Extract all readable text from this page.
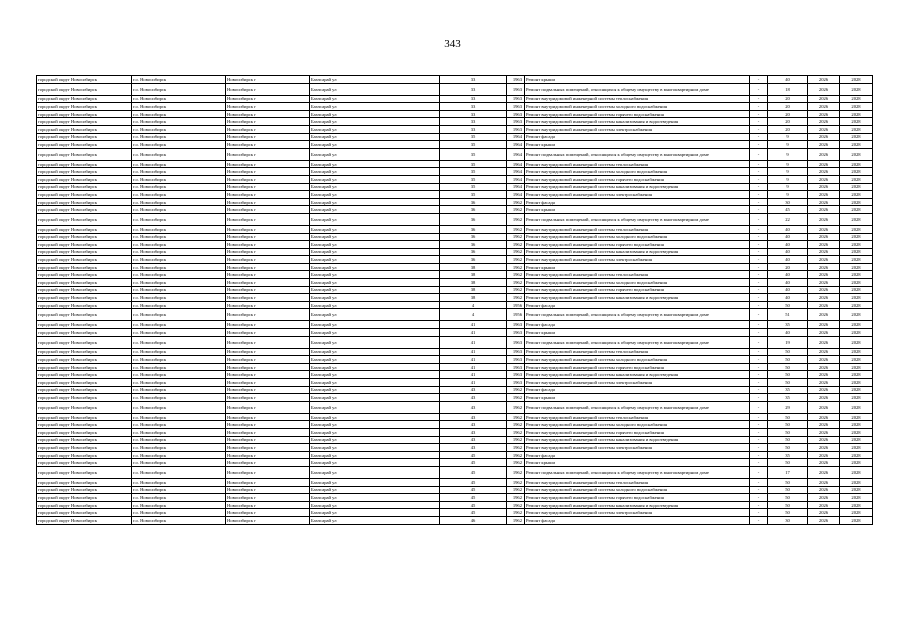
343
городской округ Новосибирск	г.о. Новосибирск	Новосибирск г	Бахчсарай ул	33	1963	Ремонт крыши	-	40	2026	2028
городской округ Новосибирск	г.о. Новосибирск	Новосибирск г	Бахчсарай ул	33	1963	Ремонт подвальных помещений, относящихся к общему имуществу в многоквартирном доме	-	18	2026	2028
городской округ Новосибирск	г.о. Новосибирск	Новосибирск г	Бахчсарай ул	33	1963	Ремонт внутридомовой инженерной системы теплоснабжения	-	20	2026	2028
городской округ Новосибирск	г.о. Новосибирск	Новосибирск г	Бахчсарай ул	33	1963	Ремонт внутридомовой инженерной системы холодного водоснабжения	-	20	2026	2028
городской округ Новосибирск	г.о. Новосибирск	Новосибирск г	Бахчсарай ул	33	1963	Ремонт внутридомовой инженерной системы горячего водоснабжения	-	20	2026	2028
городской округ Новосибирск	г.о. Новосибирск	Новосибирск г	Бахчсарай ул	33	1963	Ремонт внутридомовой инженерной системы канализования и водоотведения	-	20	2026	2028
городской округ Новосибирск	г.о. Новосибирск	Новосибирск г	Бахчсарай ул	33	1963	Ремонт внутридомовой инженерной системы электроснабжения	-	20	2026	2028
городской округ Новосибирск	г.о. Новосибирск	Новосибирск г	Бахчсарай ул	35	1964	Ремонт фасада	-	9	2026	2028
городской округ Новосибирск	г.о. Новосибирск	Новосибирск г	Бахчсарай ул	35	1964	Ремонт крыши	-	9	2026	2028
городской округ Новосибирск	г.о. Новосибирск	Новосибирск г	Бахчсарай ул	35	1964	Ремонт подвальных помещений, относящихся к общему имуществу в многоквартирном доме	-	9	2026	2028
городской округ Новосибирск	г.о. Новосибирск	Новосибирск г	Бахчсарай ул	35	1964	Ремонт внутридомовой инженерной системы теплоснабжения	-	9	2026	2028
городской округ Новосибирск	г.о. Новосибирск	Новосибирск г	Бахчсарай ул	35	1964	Ремонт внутридомовой инженерной системы холодного водоснабжения	-	9	2026	2028
городской округ Новосибирск	г.о. Новосибирск	Новосибирск г	Бахчсарай ул	35	1964	Ремонт внутридомовой инженерной системы горячего водоснабжения	-	9	2026	2028
городской округ Новосибирск	г.о. Новосибирск	Новосибирск г	Бахчсарай ул	35	1964	Ремонт внутридомовой инженерной системы канализования и водоотведения	-	9	2026	2028
городской округ Новосибирск	г.о. Новосибирск	Новосибирск г	Бахчсарай ул	35	1964	Ремонт внутридомовой инженерной системы электроснабжения	-	9	2026	2028
городской округ Новосибирск	г.о. Новосибирск	Новосибирск г	Бахчсарай ул	36	1962	Ремонт фасада	-	30	2026	2028
городской округ Новосибирск	г.о. Новосибирск	Новосибирск г	Бахчсарай ул	36	1962	Ремонт крыши	-	45	2026	2028
городской округ Новосибирск	г.о. Новосибирск	Новосибирск г	Бахчсарай ул	36	1962	Ремонт подвальных помещений, относящихся к общему имуществу в многоквартирном доме	-	22	2026	2028
городской округ Новосибирск	г.о. Новосибирск	Новосибирск г	Бахчсарай ул	36	1962	Ремонт внутридомовой инженерной системы теплоснабжения	-	40	2026	2028
городской округ Новосибирск	г.о. Новосибирск	Новосибирск г	Бахчсарай ул	36	1962	Ремонт внутридомовой инженерной системы холодного водоснабжения	-	40	2026	2028
городской округ Новосибирск	г.о. Новосибирск	Новосибирск г	Бахчсарай ул	36	1962	Ремонт внутридомовой инженерной системы горячего водоснабжения	-	40	2026	2028
городской округ Новосибирск	г.о. Новосибирск	Новосибирск г	Бахчсарай ул	36	1962	Ремонт внутридомовой инженерной системы канализования и водоотведения	-	40	2026	2028
городской округ Новосибирск	г.о. Новосибирск	Новосибирск г	Бахчсарай ул	36	1962	Ремонт внутридомовой инженерной системы электроснабжения	-	40	2026	2028
городской округ Новосибирск	г.о. Новосибирск	Новосибирск г	Бахчсарай ул	38	1962	Ремонт крыши	-	20	2026	2028
городской округ Новосибирск	г.о. Новосибирск	Новосибирск г	Бахчсарай ул	38	1962	Ремонт внутридомовой инженерной системы теплоснабжения	-	40	2026	2028
городской округ Новосибирск	г.о. Новосибирск	Новосибирск г	Бахчсарай ул	38	1962	Ремонт внутридомовой инженерной системы холодного водоснабжения	-	40	2026	2028
городской округ Новосибирск	г.о. Новосибирск	Новосибирск г	Бахчсарай ул	38	1962	Ремонт внутридомовой инженерной системы горячего водоснабжения	-	40	2026	2028
городской округ Новосибирск	г.о. Новосибирск	Новосибирск г	Бахчсарай ул	38	1962	Ремонт внутридомовой инженерной системы канализования и водоотведения	-	40	2026	2028
городской округ Новосибирск	г.о. Новосибирск	Новосибирск г	Бахчсарай ул	4	1956	Ремонт фасада	-	50	2026	2028
городской округ Новосибирск	г.о. Новосибирск	Новосибирск г	Бахчсарай ул	4	1956	Ремонт подвальных помещений, относящихся к общему имуществу в многоквартирном доме	-	51	2026	2028
городской округ Новосибирск	г.о. Новосибирск	Новосибирск г	Бахчсарай ул	41	1963	Ремонт фасада	-	35	2026	2028
городской округ Новосибирск	г.о. Новосибирск	Новосибирск г	Бахчсарай ул	41	1963	Ремонт крыши	-	40	2026	2028
городской округ Новосибирск	г.о. Новосибирск	Новосибирск г	Бахчсарай ул	41	1963	Ремонт подвальных помещений, относящихся к общему имуществу в многоквартирном доме	-	19	2026	2028
городской округ Новосибирск	г.о. Новосибирск	Новосибирск г	Бахчсарай ул	41	1963	Ремонт внутридомовой инженерной системы теплоснабжения	-	50	2026	2028
городской округ Новосибирск	г.о. Новосибирск	Новосибирск г	Бахчсарай ул	41	1963	Ремонт внутридомовой инженерной системы холодного водоснабжения	-	50	2026	2028
городской округ Новосибирск	г.о. Новосибирск	Новосибирск г	Бахчсарай ул	41	1963	Ремонт внутридомовой инженерной системы горячего водоснабжения	-	50	2026	2028
городской округ Новосибирск	г.о. Новосибирск	Новосибирск г	Бахчсарай ул	41	1963	Ремонт внутридомовой инженерной системы канализования и водоотведения	-	50	2026	2028
городской округ Новосибирск	г.о. Новосибирск	Новосибирск г	Бахчсарай ул	41	1963	Ремонт внутридомовой инженерной системы электроснабжения	-	50	2026	2028
городской округ Новосибирск	г.о. Новосибирск	Новосибирск г	Бахчсарай ул	43	1962	Ремонт фасада	-	35	2026	2028
городской округ Новосибирск	г.о. Новосибирск	Новосибирск г	Бахчсарай ул	43	1962	Ремонт крыши	-	35	2026	2028
городской округ Новосибирск	г.о. Новосибирск	Новосибирск г	Бахчсарай ул	43	1962	Ремонт подвальных помещений, относящихся к общему имуществу в многоквартирном доме	-	29	2026	2028
городской округ Новосибирск	г.о. Новосибирск	Новосибирск г	Бахчсарай ул	43	1962	Ремонт внутридомовой инженерной системы теплоснабжения	-	50	2026	2028
городской округ Новосибирск	г.о. Новосибирск	Новосибирск г	Бахчсарай ул	43	1962	Ремонт внутридомовой инженерной системы холодного водоснабжения	-	50	2026	2028
городской округ Новосибирск	г.о. Новосибирск	Новосибирск г	Бахчсарай ул	43	1962	Ремонт внутридомовой инженерной системы горячего водоснабжения	-	50	2026	2028
городской округ Новосибирск	г.о. Новосибирск	Новосибирск г	Бахчсарай ул	43	1962	Ремонт внутридомовой инженерной системы канализования и водоотведения	-	50	2026	2028
городской округ Новосибирск	г.о. Новосибирск	Новосибирск г	Бахчсарай ул	43	1962	Ремонт внутридомовой инженерной системы электроснабжения	-	50	2026	2028
городской округ Новосибирск	г.о. Новосибирск	Новосибирск г	Бахчсарай ул	45	1962	Ремонт фасада	-	35	2026	2028
городской округ Новосибирск	г.о. Новосибирск	Новосибирск г	Бахчсарай ул	45	1962	Ремонт крыши	-	50	2026	2028
городской округ Новосибирск	г.о. Новосибирск	Новосибирск г	Бахчсарай ул	45	1962	Ремонт подвальных помещений, относящихся к общему имуществу в многоквартирном доме	-	17	2026	2028
городской округ Новосибирск	г.о. Новосибирск	Новосибирск г	Бахчсарай ул	45	1962	Ремонт внутридомовой инженерной системы теплоснабжения	-	50	2026	2028
городской округ Новосибирск	г.о. Новосибирск	Новосибирск г	Бахчсарай ул	45	1962	Ремонт внутридомовой инженерной системы холодного водоснабжения	-	50	2026	2028
городской округ Новосибирск	г.о. Новосибирск	Новосибирск г	Бахчсарай ул	45	1962	Ремонт внутридомовой инженерной системы горячего водоснабжения	-	50	2026	2028
городской округ Новосибирск	г.о. Новосибирск	Новосибирск г	Бахчсарай ул	45	1962	Ремонт внутридомовой инженерной системы канализования и водоотведения	-	50	2026	2028
городской округ Новосибирск	г.о. Новосибирск	Новосибирск г	Бахчсарай ул	45	1962	Ремонт внутридомовой инженерной системы электроснабжения	-	50	2026	2028
городской округ Новосибирск	г.о. Новосибирск	Новосибирск г	Бахчсарай ул	46	1962	Ремонт фасада	-	30	2026	2028
